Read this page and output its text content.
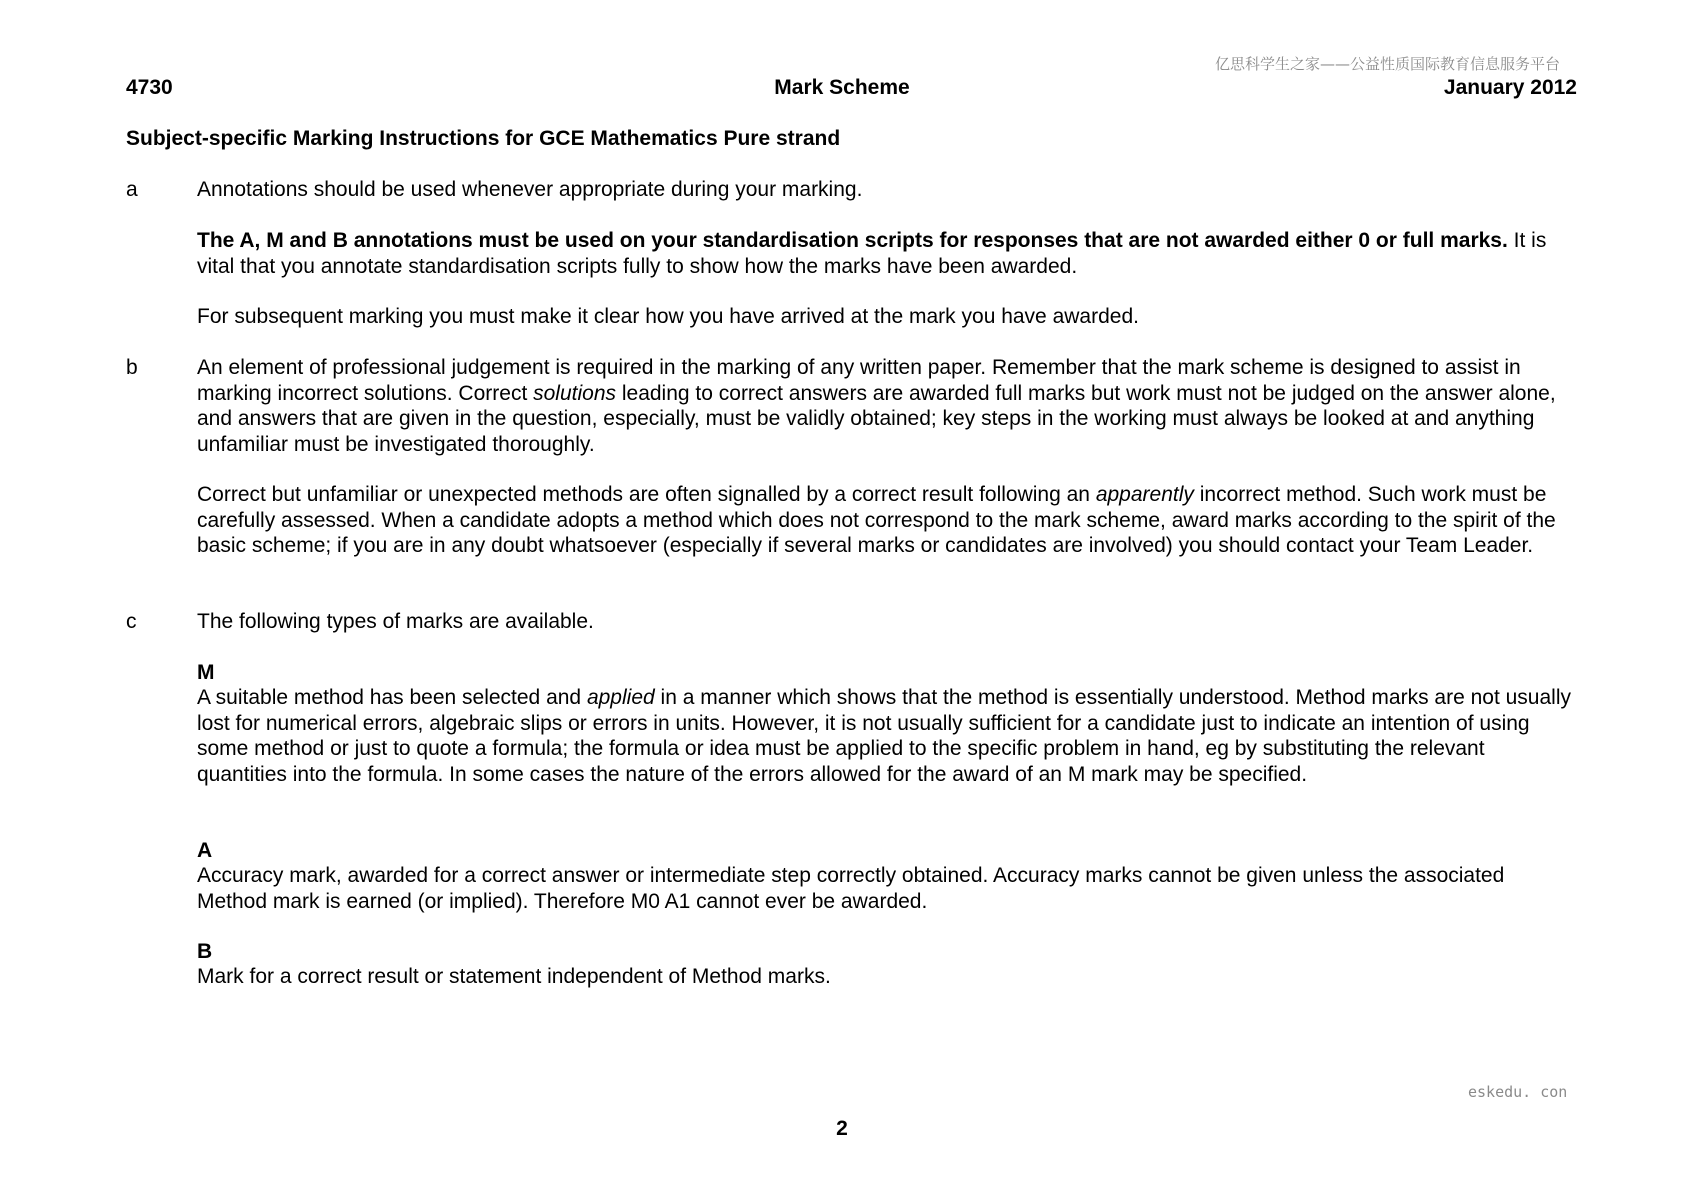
亿思科学生之家——公益性质国际教育信息服务平台
4730	Mark Scheme	January 2012
Subject-specific Marking Instructions for GCE Mathematics Pure strand
a	Annotations should be used whenever appropriate during your marking.

The A, M and B annotations must be used on your standardisation scripts for responses that are not awarded either 0 or full marks. It is vital that you annotate standardisation scripts fully to show how the marks have been awarded.

For subsequent marking you must make it clear how you have arrived at the mark you have awarded.

b	An element of professional judgement is required in the marking of any written paper. Remember that the mark scheme is designed to assist in marking incorrect solutions. Correct solutions leading to correct answers are awarded full marks but work must not be judged on the answer alone, and answers that are given in the question, especially, must be validly obtained; key steps in the working must always be looked at and anything unfamiliar must be investigated thoroughly.

Correct but unfamiliar or unexpected methods are often signalled by a correct result following an apparently incorrect method. Such work must be carefully assessed. When a candidate adopts a method which does not correspond to the mark scheme, award marks according to the spirit of the basic scheme; if you are in any doubt whatsoever (especially if several marks or candidates are involved) you should contact your Team Leader.

c	The following types of marks are available.

M

A suitable method has been selected and applied in a manner which shows that the method is essentially understood. Method marks are not usually lost for numerical errors, algebraic slips or errors in units. However, it is not usually sufficient for a candidate just to indicate an intention of using some method or just to quote a formula; the formula or idea must be applied to the specific problem in hand, eg by substituting the relevant quantities into the formula. In some cases the nature of the errors allowed for the award of an M mark may be specified.

A

Accuracy mark, awarded for a correct answer or intermediate step correctly obtained. Accuracy marks cannot be given unless the associated Method mark is earned (or implied). Therefore M0 A1 cannot ever be awarded.

B

Mark for a correct result or statement independent of Method marks.

eskedu. con
2
